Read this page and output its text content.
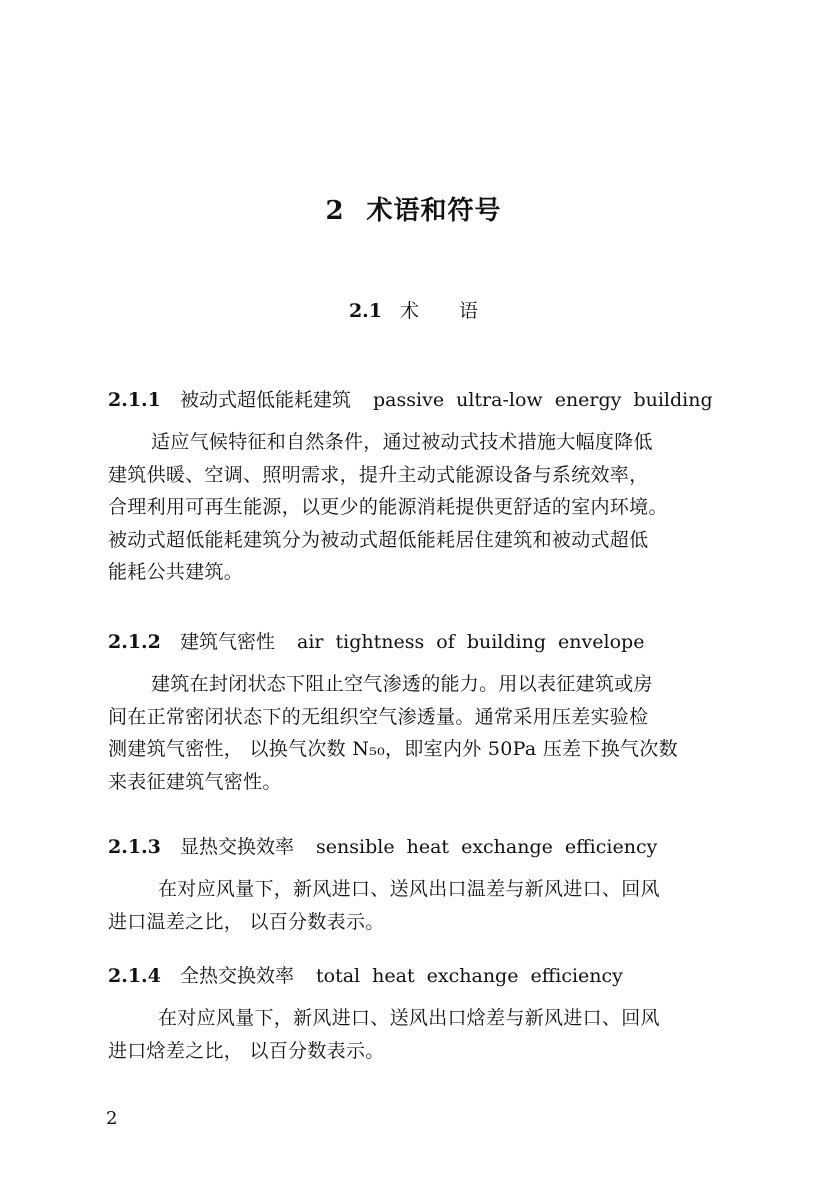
2 术语和符号
2.1 术 语
2.1.1 被动式超低能耗建筑 passive ultra-low energy building
适应气候特征和自然条件，通过被动式技术措施大幅度降低
建筑供暖、空调、照明需求，提升主动式能源设备与系统效率，
合理利用可再生能源，以更少的能源消耗提供更舒适的室内环境。
被动式超低能耗建筑分为被动式超低能耗居住建筑和被动式超低
能耗公共建筑。
2.1.2 建筑气密性 air tightness of building envelope
建筑在封闭状态下阻止空气渗透的能力。用以表征建筑或房
间在正常密闭状态下的无组织空气渗透量。通常采用压差实验检
测建筑气密性， 以换气次数 N₅₀，即室内外 50Pa 压差下换气次数
来表征建筑气密性。
2.1.3 显热交换效率 sensible heat exchange efficiency
在对应风量下，新风进口、送风出口温差与新风进口、回风
进口温差之比， 以百分数表示。
2.1.4 全热交换效率 total heat exchange efficiency
在对应风量下，新风进口、送风出口焓差与新风进口、回风
进口焓差之比， 以百分数表示。
2
